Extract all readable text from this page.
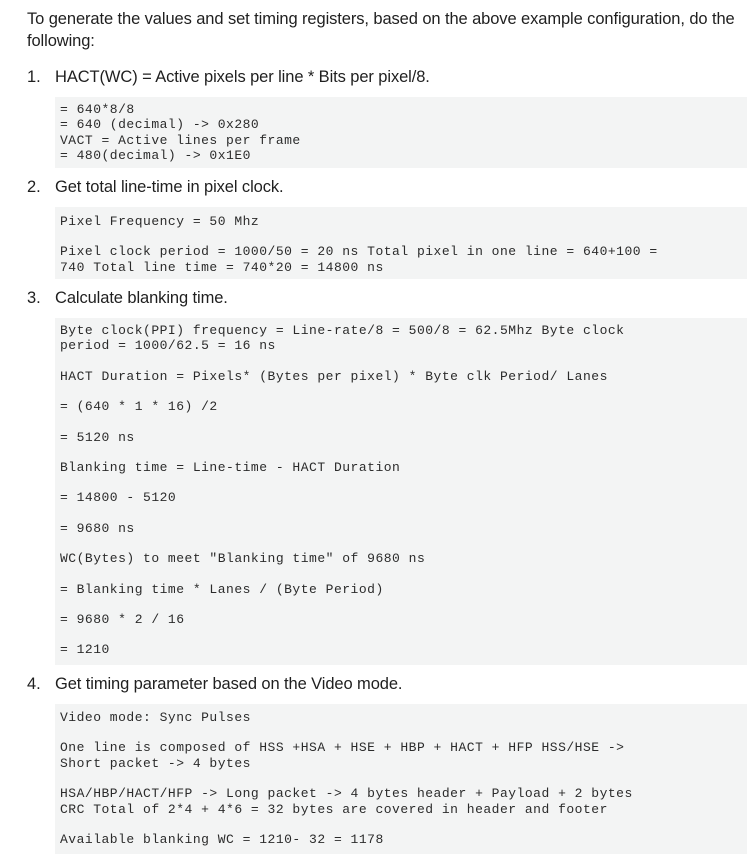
To generate the values and set timing registers, based on the above example configuration, do the following:

1. HACT(WC) = Active pixels per line * Bits per pixel/8.
= 640*8/8
= 640 (decimal) -> 0x280
VACT = Active lines per frame
= 480(decimal) -> 0x1E0
2. Get total line-time in pixel clock.
Pixel Frequency = 50 Mhz
Pixel clock period = 1000/50 = 20 ns Total pixel in one line = 640+100 =
740 Total line time = 740*20 = 14800 ns
3. Calculate blanking time.
Byte clock(PPI) frequency = Line-rate/8 = 500/8 = 62.5Mhz Byte clock
period = 1000/62.5 = 16 ns
HACT Duration = Pixels* (Bytes per pixel) * Byte clk Period/ Lanes
= (640 * 1 * 16) /2
= 5120 ns
Blanking time = Line-time - HACT Duration
= 14800 - 5120
= 9680 ns
WC(Bytes) to meet "Blanking time" of 9680 ns
= Blanking time * Lanes / (Byte Period)
= 9680 * 2 / 16
= 1210
4. Get timing parameter based on the Video mode.
Video mode: Sync Pulses
One line is composed of HSS +HSA + HSE + HBP + HACT + HFP HSS/HSE ->
Short packet -> 4 bytes
HSA/HBP/HACT/HFP -> Long packet -> 4 bytes header + Payload + 2 bytes
CRC Total of 2*4 + 4*6 = 32 bytes are covered in header and footer
Available blanking WC = 1210- 32 = 1178
